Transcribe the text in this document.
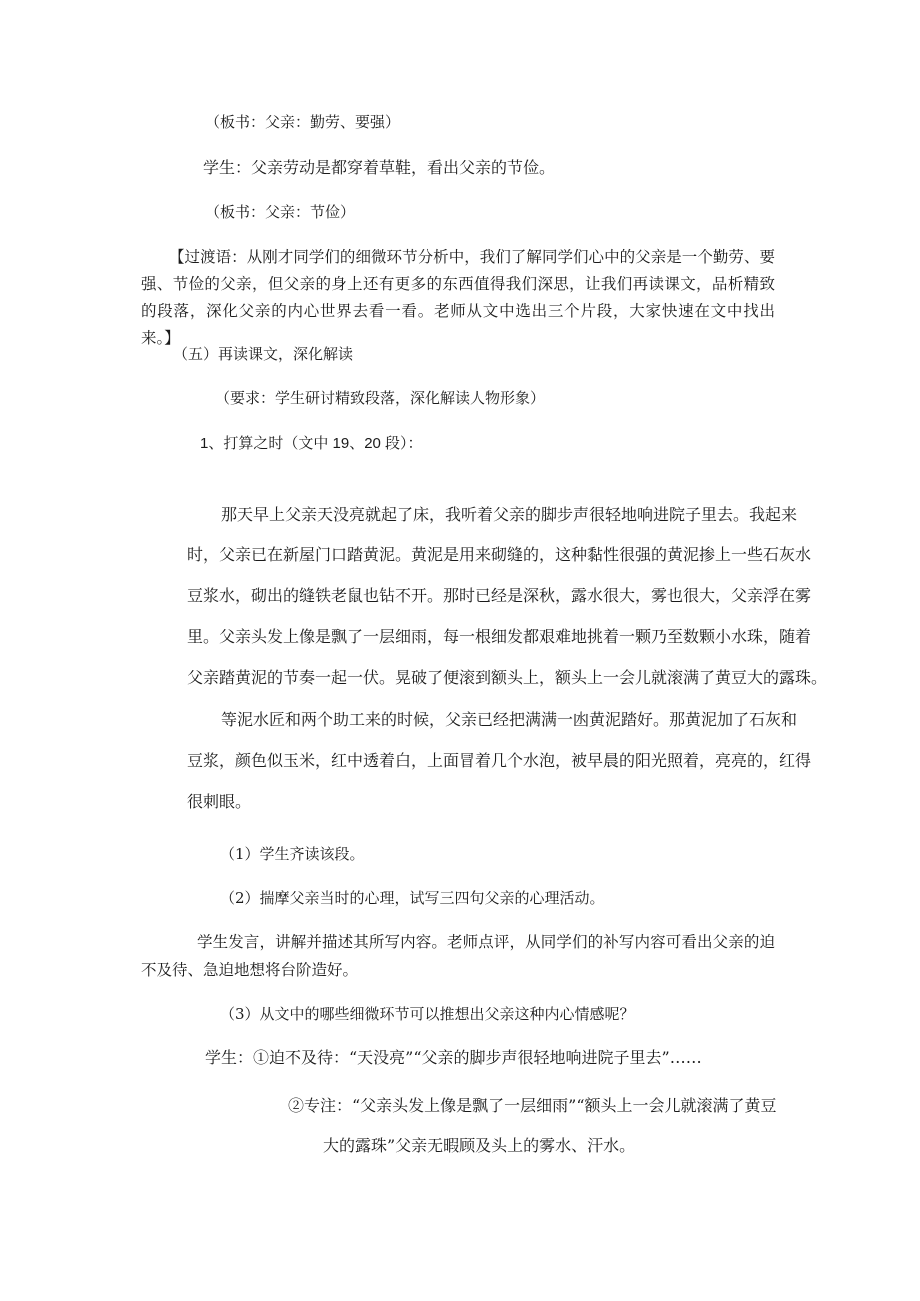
（板书：父亲：勤劳、要强）
学生：父亲劳动是都穿着草鞋，看出父亲的节俭。
（板书：父亲：节俭）
【过渡语：从刚才同学们的细微环节分析中，我们了解同学们心中的父亲是一个勤劳、要强、节俭的父亲，但父亲的身上还有更多的东西值得我们深思，让我们再读课文，品析精致的段落，深化父亲的内心世界去看一看。老师从文中选出三个片段，大家快速在文中找出来。】
（五）再读课文，深化解读
（要求：学生研讨精致段落，深化解读人物形象）
1、打算之时（文中 19、20 段）：
那天早上父亲天没亮就起了床，我听着父亲的脚步声很轻地响进院子里去。我起来
时，父亲已在新屋门口踏黄泥。黄泥是用来砌缝的，这种黏性很强的黄泥掺上一些石灰水
豆浆水，砌出的缝铁老鼠也钻不开。那时已经是深秋，露水很大，雾也很大，父亲浮在雾
里。父亲头发上像是飘了一层细雨，每一根细发都艰难地挑着一颗乃至数颗小水珠，随着
父亲踏黄泥的节奏一起一伏。晃破了便滚到额头上，额头上一会儿就滚满了黄豆大的露珠。
等泥水匠和两个助工来的时候，父亲已经把满满一凼黄泥踏好。那黄泥加了石灰和
豆浆，颜色似玉米，红中透着白，上面冒着几个水泡，被早晨的阳光照着，亮亮的，红得
很刺眼。
（1）学生齐读该段。
（2）揣摩父亲当时的心理，试写三四句父亲的心理活动。
学生发言，讲解并描述其所写内容。老师点评，从同学们的补写内容可看出父亲的迫不及待、急迫地想将台阶造好。
（3）从文中的哪些细微环节可以推想出父亲这种内心情感呢？
学生：①迫不及待：“天没亮”“父亲的脚步声很轻地响进院子里去”……
②专注：“父亲头发上像是飘了一层细雨”“额头上一会儿就滚满了黄豆
大的露珠”父亲无暇顾及头上的雾水、汗水。
